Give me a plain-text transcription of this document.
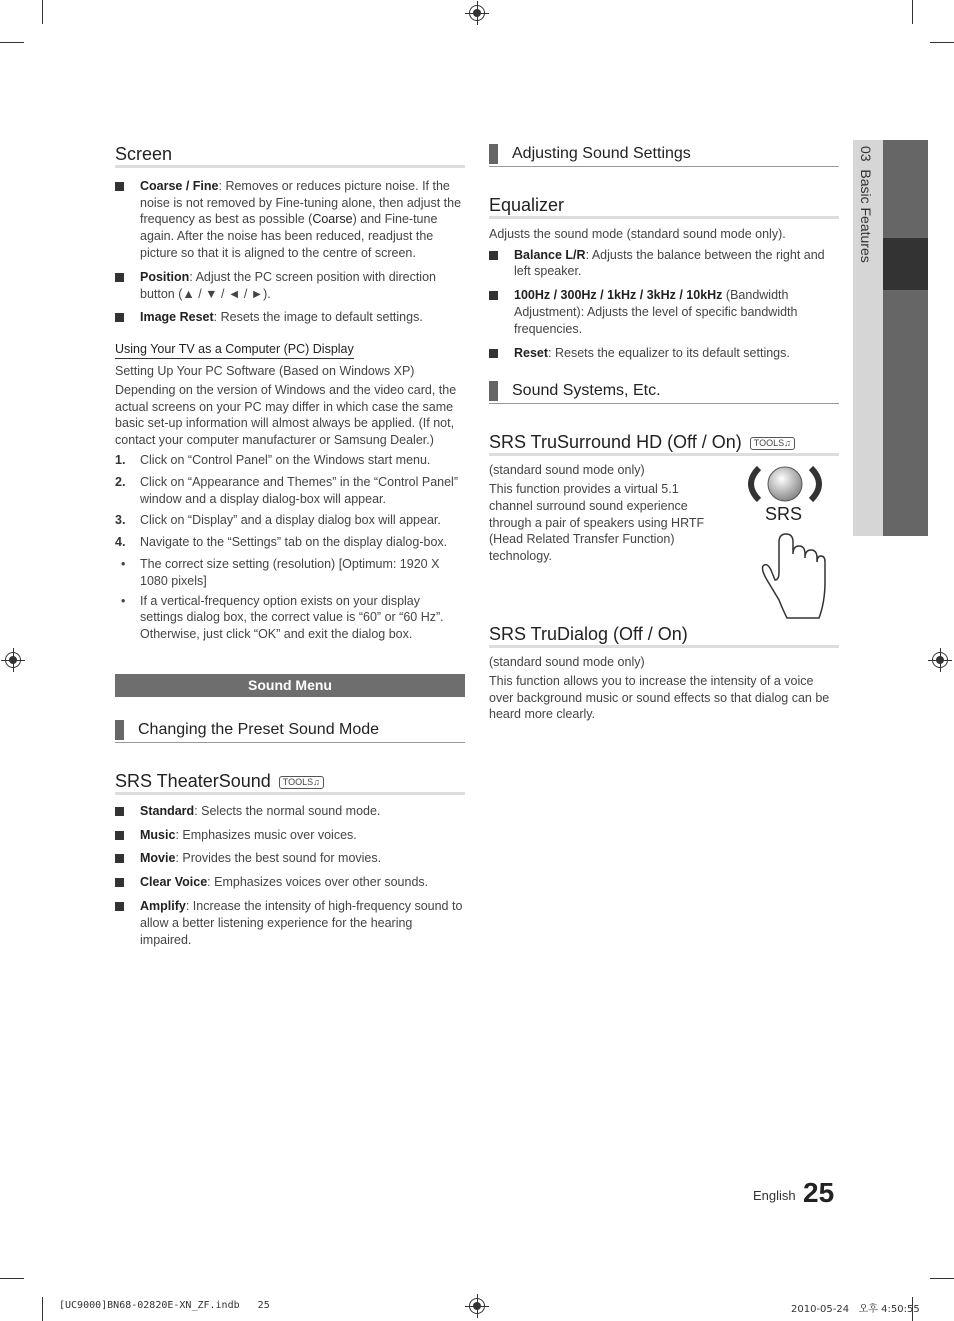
03  Basic Features
Screen
Coarse / Fine: Removes or reduces picture noise. If the noise is not removed by Fine-tuning alone, then adjust the frequency as best as possible (Coarse) and Fine-tune again. After the noise has been reduced, readjust the picture so that it is aligned to the centre of screen.
Position: Adjust the PC screen position with direction button (▲ / ▼ / ◄ / ►).
Image Reset: Resets the image to default settings.
Using Your TV as a Computer (PC) Display
Setting Up Your PC Software (Based on Windows XP)
Depending on the version of Windows and the video card, the actual screens on your PC may differ in which case the same basic set-up information will almost always be applied. (If not, contact your computer manufacturer or Samsung Dealer.)
1. Click on “Control Panel” on the Windows start menu.
2. Click on “Appearance and Themes” in the “Control Panel” window and a display dialog-box will appear.
3. Click on “Display” and a display dialog box will appear.
4. Navigate to the “Settings” tab on the display dialog-box.
• The correct size setting (resolution) [Optimum: 1920 X 1080 pixels]
• If a vertical-frequency option exists on your display settings dialog box, the correct value is “60” or “60 Hz”. Otherwise, just click “OK” and exit the dialog box.
Sound Menu
Changing the Preset Sound Mode
SRS TheaterSound TOOLS♫
Standard: Selects the normal sound mode.
Music: Emphasizes music over voices.
Movie: Provides the best sound for movies.
Clear Voice: Emphasizes voices over other sounds.
Amplify: Increase the intensity of high-frequency sound to allow a better listening experience for the hearing impaired.
Adjusting Sound Settings
Equalizer
Adjusts the sound mode (standard sound mode only).
Balance L/R: Adjusts the balance between the right and left speaker.
100Hz / 300Hz / 1kHz / 3kHz / 10kHz (Bandwidth Adjustment): Adjusts the level of specific bandwidth frequencies.
Reset: Resets the equalizer to its default settings.
Sound Systems, Etc.
SRS TruSurround HD (Off / On) TOOLS♫
(standard sound mode only)
This function provides a virtual 5.1 channel surround sound experience through a pair of speakers using HRTF (Head Related Transfer Function) technology.
SRS
SRS TruDialog (Off / On)
(standard sound mode only)
This function allows you to increase the intensity of a voice over background music or sound effects so that dialog can be heard more clearly.
English 25
[UC9000]BN68-02820E-XN_ZF.indb   25	2010-05-24   오후 4:50:55
